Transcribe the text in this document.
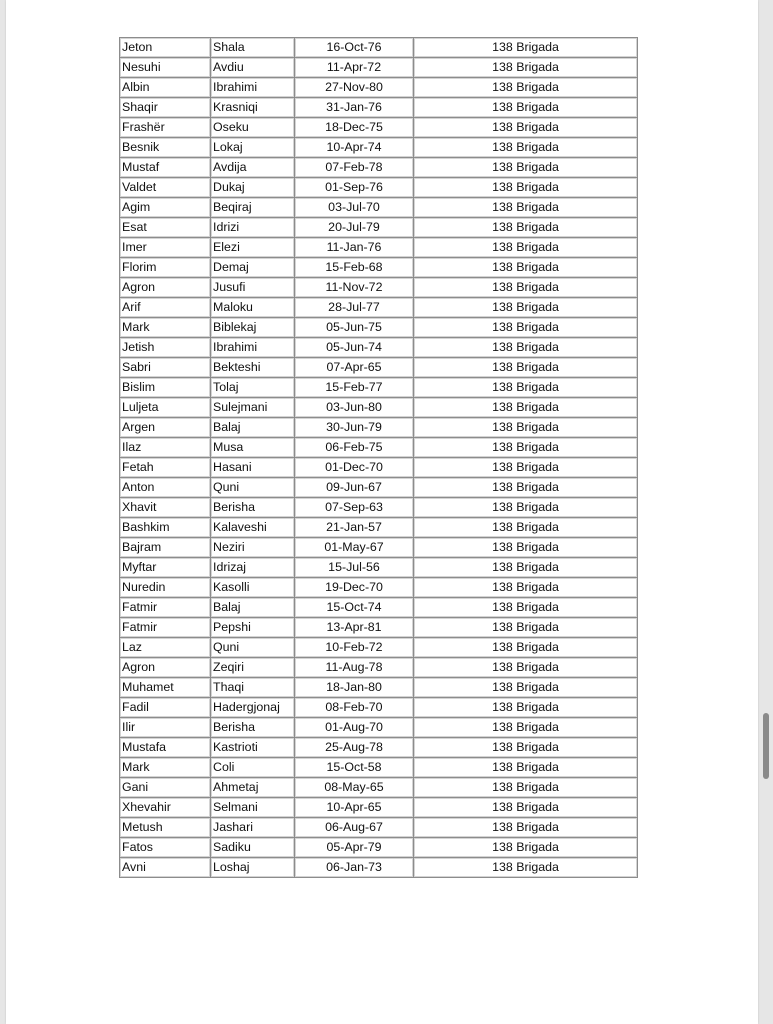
Jeton	Shala	16-Oct-76	138 Brigada
Nesuhi	Avdiu	11-Apr-72	138 Brigada
Albin	Ibrahimi	27-Nov-80	138 Brigada
Shaqir	Krasniqi	31-Jan-76	138 Brigada
Frashër	Oseku	18-Dec-75	138 Brigada
Besnik	Lokaj	10-Apr-74	138 Brigada
Mustaf	Avdija	07-Feb-78	138 Brigada
Valdet	Dukaj	01-Sep-76	138 Brigada
Agim	Beqiraj	03-Jul-70	138 Brigada
Esat	Idrizi	20-Jul-79	138 Brigada
Imer	Elezi	11-Jan-76	138 Brigada
Florim	Demaj	15-Feb-68	138 Brigada
Agron	Jusufi	11-Nov-72	138 Brigada
Arif	Maloku	28-Jul-77	138 Brigada
Mark	Biblekaj	05-Jun-75	138 Brigada
Jetish	Ibrahimi	05-Jun-74	138 Brigada
Sabri	Bekteshi	07-Apr-65	138 Brigada
Bislim	Tolaj	15-Feb-77	138 Brigada
Luljeta	Sulejmani	03-Jun-80	138 Brigada
Argen	Balaj	30-Jun-79	138 Brigada
Ilaz	Musa	06-Feb-75	138 Brigada
Fetah	Hasani	01-Dec-70	138 Brigada
Anton	Quni	09-Jun-67	138 Brigada
Xhavit	Berisha	07-Sep-63	138 Brigada
Bashkim	Kalaveshi	21-Jan-57	138 Brigada
Bajram	Neziri	01-May-67	138 Brigada
Myftar	Idrizaj	15-Jul-56	138 Brigada
Nuredin	Kasolli	19-Dec-70	138 Brigada
Fatmir	Balaj	15-Oct-74	138 Brigada
Fatmir	Pepshi	13-Apr-81	138 Brigada
Laz	Quni	10-Feb-72	138 Brigada
Agron	Zeqiri	11-Aug-78	138 Brigada
Muhamet	Thaqi	18-Jan-80	138 Brigada
Fadil	Hadergjonaj	08-Feb-70	138 Brigada
Ilir	Berisha	01-Aug-70	138 Brigada
Mustafa	Kastrioti	25-Aug-78	138 Brigada
Mark	Coli	15-Oct-58	138 Brigada
Gani	Ahmetaj	08-May-65	138 Brigada
Xhevahir	Selmani	10-Apr-65	138 Brigada
Metush	Jashari	06-Aug-67	138 Brigada
Fatos	Sadiku	05-Apr-79	138 Brigada
Avni	Loshaj	06-Jan-73	138 Brigada
